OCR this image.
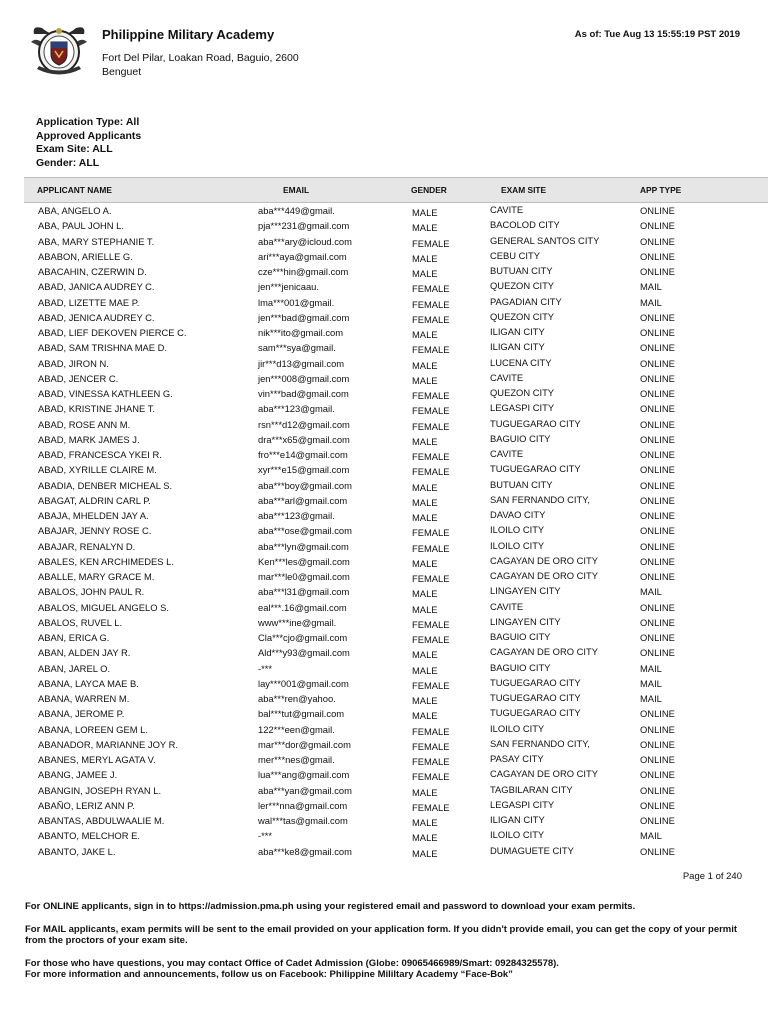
Philippine Military Academy	As of: Tue Aug 13 15:55:19 PST 2019
Fort Del Pilar, Loakan Road, Baguio, 2600
Benguet
Application Type: All
Approved Applicants
Exam Site: ALL
Gender: ALL
APPLICANT NAME	EMAIL	GENDER	EXAM SITE	APP TYPE
ABA, ANGELO A.	aba***449@gmail.	MALE	CAVITE	ONLINE
ABA, PAUL JOHN L.	pja***231@gmail.com	MALE	BACOLOD CITY	ONLINE
ABA, MARY STEPHANIE T.	aba***ary@icloud.com	FEMALE	GENERAL SANTOS CITY	ONLINE
ABABON, ARIELLE G.	ari***aya@gmail.com	MALE	CEBU CITY	ONLINE
ABACAHIN, CZERWIN D.	cze***hin@gmail.com	MALE	BUTUAN CITY	ONLINE
ABAD, JANICA AUDREY C.	jen***jenicaau.	FEMALE	QUEZON CITY	MAIL
ABAD, LIZETTE MAE P.	lma***001@gmail.	FEMALE	PAGADIAN CITY	MAIL
ABAD, JENICA AUDREY C.	jen***bad@gmail.com	FEMALE	QUEZON CITY	ONLINE
ABAD, LIEF DEKOVEN PIERCE C.	nik***ito@gmail.com	MALE	ILIGAN CITY	ONLINE
ABAD, SAM TRISHNA MAE D.	sam***sya@gmail.	FEMALE	ILIGAN CITY	ONLINE
ABAD, JIRON N.	jir***d13@gmail.com	MALE	LUCENA CITY	ONLINE
ABAD, JENCER C.	jen***008@gmail.com	MALE	CAVITE	ONLINE
ABAD, VINESSA KATHLEEN G.	vin***bad@gmail.com	FEMALE	QUEZON CITY	ONLINE
ABAD, KRISTINE JHANE T.	aba***123@gmail.	FEMALE	LEGASPI CITY	ONLINE
ABAD, ROSE ANN M.	rsn***d12@gmail.com	FEMALE	TUGUEGARAO CITY	ONLINE
ABAD, MARK JAMES J.	dra***x65@gmail.com	MALE	BAGUIO CITY	ONLINE
ABAD, FRANCESCA YKEI R.	fro***e14@gmail.com	FEMALE	CAVITE	ONLINE
ABAD, XYRILLE CLAIRE M.	xyr***e15@gmail.com	FEMALE	TUGUEGARAO CITY	ONLINE
ABADIA, DENBER MICHEAL S.	aba***boy@gmail.com	MALE	BUTUAN CITY	ONLINE
ABAGAT, ALDRIN CARL P.	aba***arl@gmail.com	MALE	SAN FERNANDO CITY,	ONLINE
ABAJA, MHELDEN JAY A.	aba***123@gmail.	MALE	DAVAO CITY	ONLINE
ABAJAR, JENNY ROSE C.	aba***ose@gmail.com	FEMALE	ILOILO CITY	ONLINE
ABAJAR, RENALYN D.	aba***lyn@gmail.com	FEMALE	ILOILO CITY	ONLINE
ABALES, KEN ARCHIMEDES L.	Ken***les@gmail.com	MALE	CAGAYAN DE ORO CITY	ONLINE
ABALLE, MARY GRACE M.	mar***le0@gmail.com	FEMALE	CAGAYAN DE ORO CITY	ONLINE
ABALOS, JOHN PAUL R.	aba***l31@gmail.com	MALE	LINGAYEN CITY	MAIL
ABALOS, MIGUEL ANGELO S.	eal***.16@gmail.com	MALE	CAVITE	ONLINE
ABALOS, RUVEL L.	www***ine@gmail.	FEMALE	LINGAYEN CITY	ONLINE
ABAN, ERICA G.	Cla***cjo@gmail.com	FEMALE	BAGUIO CITY	ONLINE
ABAN, ALDEN JAY R.	Ald***y93@gmail.com	MALE	CAGAYAN DE ORO CITY	ONLINE
ABAN, JAREL O.	-***	MALE	BAGUIO CITY	MAIL
ABANA, LAYCA MAE B.	lay***001@gmail.com	FEMALE	TUGUEGARAO CITY	MAIL
ABANA, WARREN M.	aba***ren@yahoo.	MALE	TUGUEGARAO CITY	MAIL
ABANA, JEROME P.	bal***tut@gmail.com	MALE	TUGUEGARAO CITY	ONLINE
ABANA, LOREEN GEM L.	122***een@gmail.	FEMALE	ILOILO CITY	ONLINE
ABANADOR, MARIANNE JOY R.	mar***dor@gmail.com	FEMALE	SAN FERNANDO CITY,	ONLINE
ABANES, MERYL AGATA V.	mer***nes@gmail.	FEMALE	PASAY CITY	ONLINE
ABANG, JAMEE J.	lua***ang@gmail.com	FEMALE	CAGAYAN DE ORO CITY	ONLINE
ABANGIN, JOSEPH RYAN L.	aba***yan@gmail.com	MALE	TAGBILARAN CITY	ONLINE
ABAÑO, LERIZ ANN P.	ler***nna@gmail.com	FEMALE	LEGASPI CITY	ONLINE
ABANTAS, ABDULWAALIE M.	wal***tas@gmail.com	MALE	ILIGAN CITY	ONLINE
ABANTO, MELCHOR E.	-***	MALE	ILOILO CITY	MAIL
ABANTO, JAKE L.	aba***ke8@gmail.com	MALE	DUMAGUETE CITY	ONLINE
Page 1 of 240

For ONLINE applicants, sign in to https://admission.pma.ph using your registered email and password to download your exam permits.

For MAIL applicants, exam permits will be sent to the email provided on your application form. If you didn't provide email, you can get the copy of your permit from the proctors of your exam site.

For those who have questions, you may contact Office of Cadet Admission (Globe: 09065466989/Smart: 09284325578).

For more information and announcements, follow us on Facebook: Philippine Mililtary Academy “Face-Bok”
